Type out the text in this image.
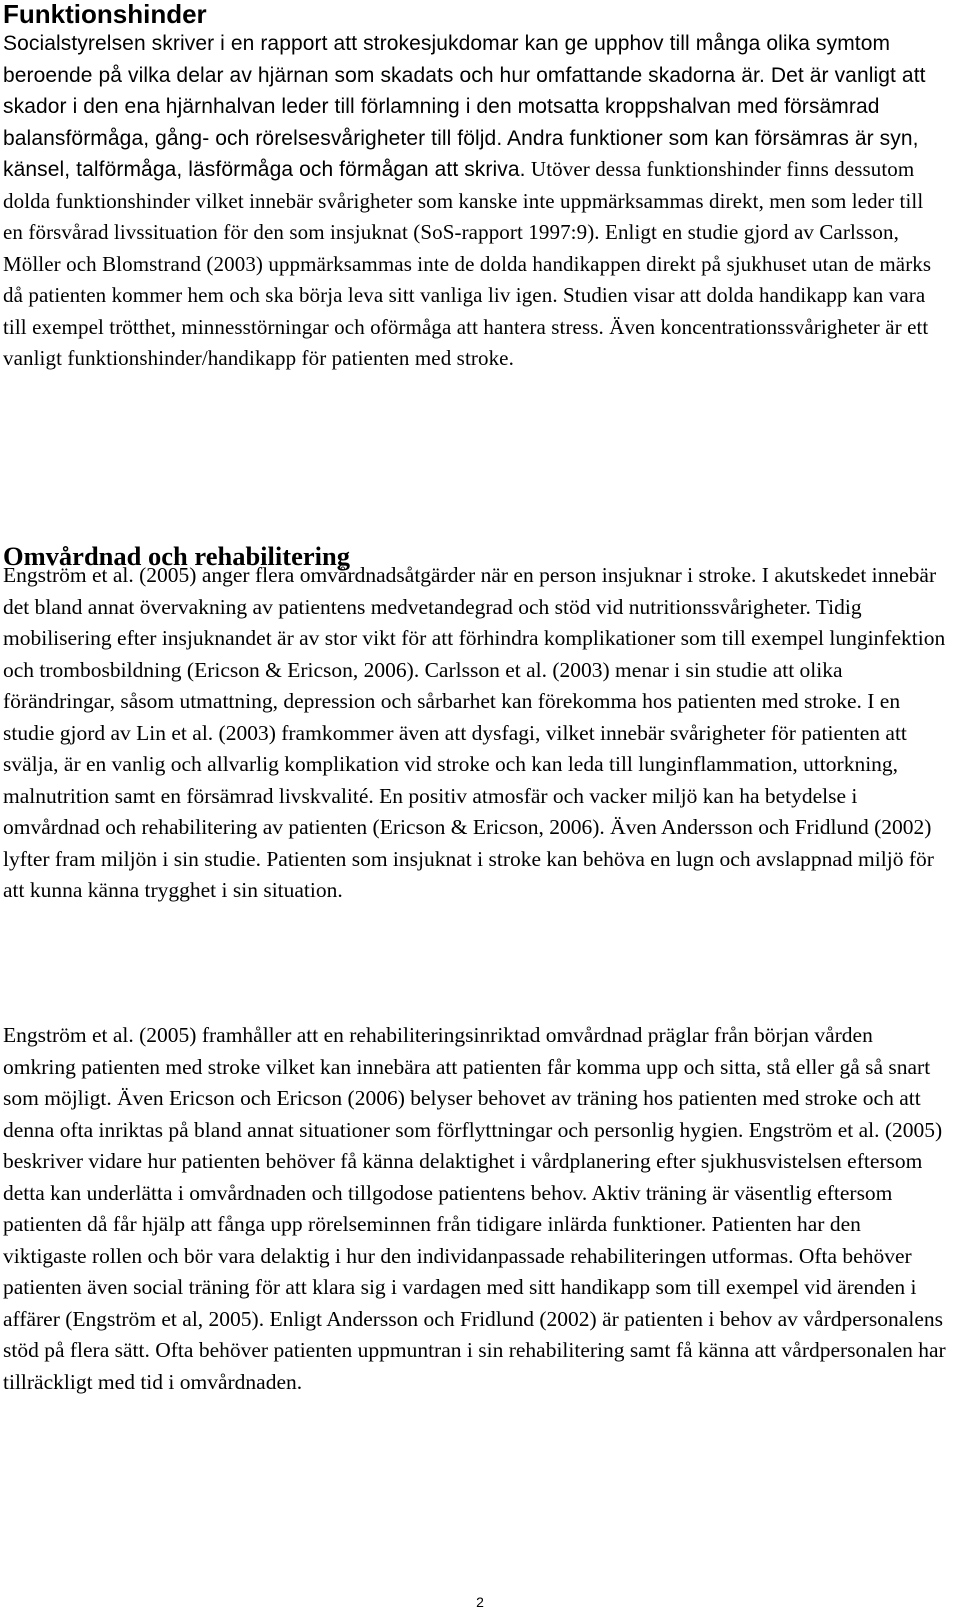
Funktionshinder

Socialstyrelsen skriver i en rapport att strokesjukdomar kan ge upphov till många olika symtom beroende på vilka delar av hjärnan som skadats och hur omfattande skadorna är. Det är vanligt att skador i den ena hjärnhalvan leder till förlamning i den motsatta kroppshalvan med försämrad balansförmåga, gång- och rörelsesvårigheter till följd. Andra funktioner som kan försämras är syn, känsel, talförmåga, läsförmåga och förmågan att skriva. Utöver dessa funktionshinder finns dessutom dolda funktionshinder vilket innebär svårigheter som kanske inte uppmärksammas direkt, men som leder till en försvårad livssituation för den som insjuknat (SoS-rapport 1997:9). Enligt en studie gjord av Carlsson, Möller och Blomstrand (2003) uppmärksammas inte de dolda handikappen direkt på sjukhuset utan de märks då patienten kommer hem och ska börja leva sitt vanliga liv igen. Studien visar att dolda handikapp kan vara till exempel trötthet, minnesstörningar och oförmåga att hantera stress. Även koncentrationssvårigheter är ett vanligt funktionshinder/handikapp för patienten med stroke.

Omvårdnad och rehabilitering

Engström et al. (2005) anger flera omvårdnadsåtgärder när en person insjuknar i stroke. I akutskedet innebär det bland annat övervakning av patientens medvetandegrad och stöd vid nutritionssvårigheter. Tidig mobilisering efter insjuknandet är av stor vikt för att förhindra komplikationer som till exempel lunginfektion och trombosbildning (Ericson & Ericson, 2006). Carlsson et al. (2003) menar i sin studie att olika förändringar, såsom utmattning, depression och sårbarhet kan förekomma hos patienten med stroke. I en studie gjord av Lin et al. (2003) framkommer även att dysfagi, vilket innebär svårigheter för patienten att svälja, är en vanlig och allvarlig komplikation vid stroke och kan leda till lunginflammation, uttorkning, malnutrition samt en försämrad livskvalité. En positiv atmosfär och vacker miljö kan ha betydelse i omvårdnad och rehabilitering av patienten (Ericson & Ericson, 2006). Även Andersson och Fridlund (2002) lyfter fram miljön i sin studie. Patienten som insjuknat i stroke kan behöva en lugn och avslappnad miljö för att kunna känna trygghet i sin situation.

Engström et al. (2005) framhåller att en rehabiliteringsinriktad omvårdnad präglar från början vården omkring patienten med stroke vilket kan innebära att patienten får komma upp och sitta, stå eller gå så snart som möjligt. Även Ericson och Ericson (2006) belyser behovet av träning hos patienten med stroke och att denna ofta inriktas på bland annat situationer som förflyttningar och personlig hygien. Engström et al. (2005) beskriver vidare hur patienten behöver få känna delaktighet i vårdplanering efter sjukhusvistelsen eftersom detta kan underlätta i omvårdnaden och tillgodose patientens behov. Aktiv träning är väsentlig eftersom patienten då får hjälp att fånga upp rörelseminnen från tidigare inlärda funktioner. Patienten har den viktigaste rollen och bör vara delaktig i hur den individanpassade rehabiliteringen utformas. Ofta behöver patienten även social träning för att klara sig i vardagen med sitt handikapp som till exempel vid ärenden i affärer (Engström et al, 2005). Enligt Andersson och Fridlund (2002) är patienten i behov av vårdpersonalens stöd på flera sätt. Ofta behöver patienten uppmuntran i sin rehabilitering samt få känna att vårdpersonalen har tillräckligt med tid i omvårdnaden.

2
